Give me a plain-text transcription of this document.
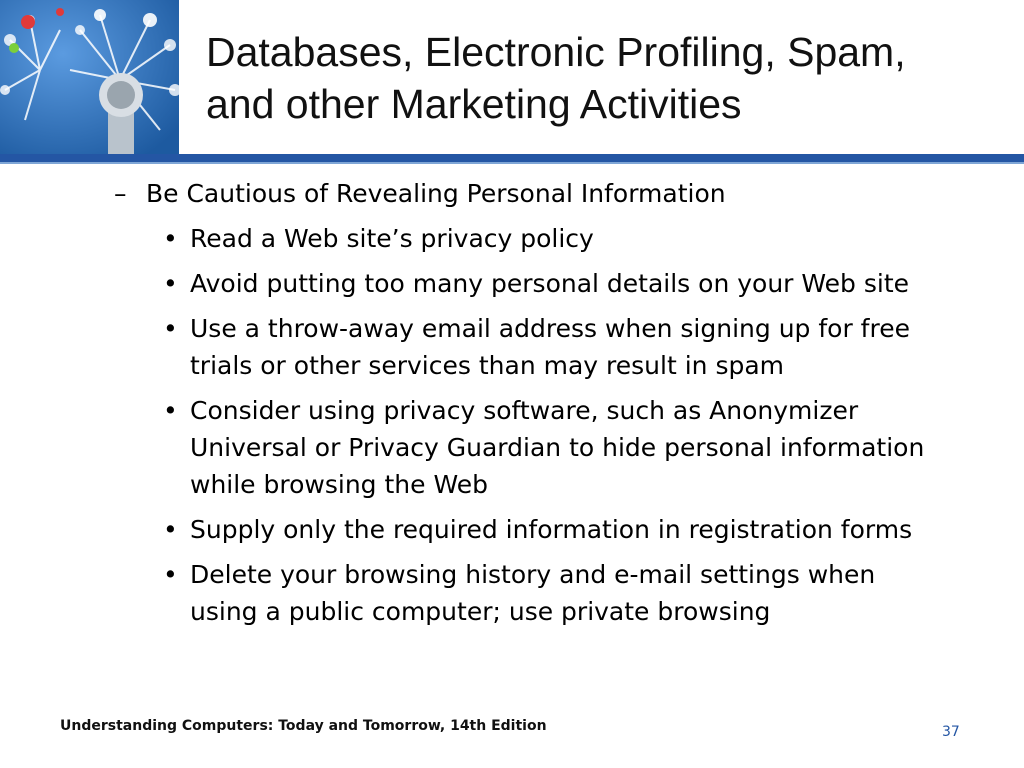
Databases, Electronic Profiling, Spam,
and other Marketing Activities
– Be Cautious of Revealing Personal Information
• Read a Web site’s privacy policy
• Avoid putting too many personal details on your Web site
• Use a throw-away email address when signing up for free trials or other services than may result in spam
• Consider using privacy software, such as Anonymizer Universal or Privacy Guardian to hide personal information while browsing the Web
• Supply only the required information in registration forms
• Delete your browsing history and e-mail settings when using a public computer; use private browsing
Understanding Computers: Today and Tomorrow, 14th Edition	37
